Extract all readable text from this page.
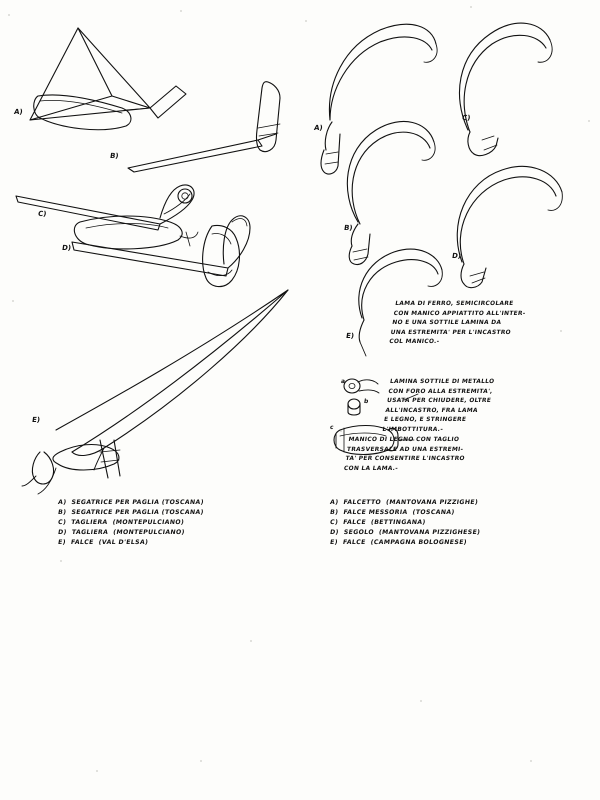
A)
B)
C)
D)
E)
A)
C)
B)
D)
E)
a
b
c
LAMA DI FERRO, SEMICIRCOLARE
CON MANICO APPIATTITO ALL'INTER-
NO E UNA SOTTILE LAMINA DA
UNA ESTREMITA' PER L'INCASTRO
COL MANICO.-
LAMINA SOTTILE DI METALLO
CON FORO ALLA ESTREMITA',
USATA PER CHIUDERE, OLTRE
ALL'INCASTRO, FRA LAMA
E LEGNO, E STRINGERE
L'IMBOTTITURA.-
MANICO DI LEGNO CON TAGLIO
TRASVERSALE AD UNA ESTREMI-
TA' PER CONSENTIRE L'INCASTRO
CON LA LAMA.-
A)  SEGATRICE PER PAGLIA (TOSCANA)
B)  SEGATRICE PER PAGLIA (TOSCANA)
C)  TAGLIERA  (MONTEPULCIANO)
D)  TAGLIERA  (MONTEPULCIANO)
E)  FALCE  (VAL D'ELSA)
A)  FALCETTO  (MANTOVANA PIZZIGHE)
B)  FALCE MESSORIA  (TOSCANA)
C)  FALCE  (BETTINGANA)
D)  SEGOLO  (MANTOVANA PIZZIGHESE)
E)  FALCE  (CAMPAGNA BOLOGNESE)
